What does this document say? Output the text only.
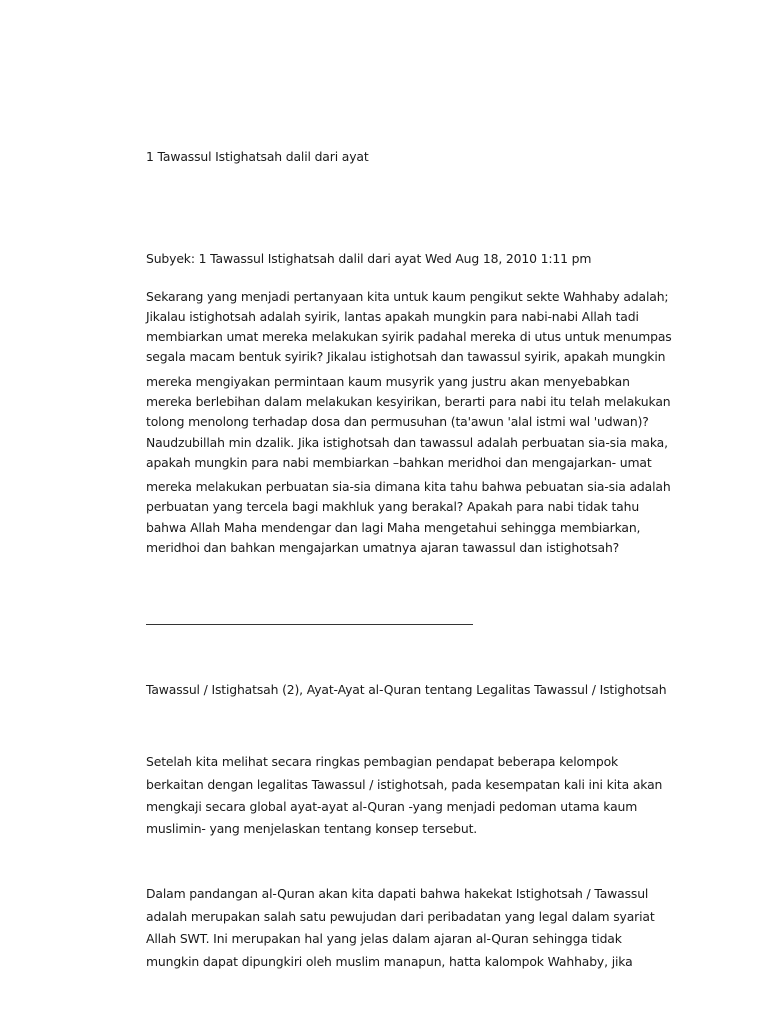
1 Tawassul Istighatsah dalil dari ayat
Subyek: 1 Tawassul Istighatsah dalil dari ayat Wed Aug 18, 2010 1:11 pm
Sekarang yang menjadi pertanyaan kita untuk kaum pengikut sekte Wahhaby adalah;
Jikalau istighotsah adalah syirik, lantas apakah mungkin para nabi-nabi Allah tadi
membiarkan umat mereka melakukan syirik padahal mereka di utus untuk menumpas
segala macam bentuk syirik? Jikalau istighotsah dan tawassul syirik, apakah mungkin
mereka mengiyakan permintaan kaum musyrik yang justru akan menyebabkan
mereka berlebihan dalam melakukan kesyirikan, berarti para nabi itu telah melakukan
tolong menolong terhadap dosa dan permusuhan (ta'awun 'alal istmi wal 'udwan)?
Naudzubillah min dzalik. Jika istighotsah dan tawassul adalah perbuatan sia-sia maka,
apakah mungkin para nabi membiarkan –bahkan meridhoi dan mengajarkan- umat
mereka melakukan perbuatan sia-sia dimana kita tahu bahwa pebuatan sia-sia adalah
perbuatan yang tercela bagi makhluk yang berakal? Apakah para nabi tidak tahu
bahwa Allah Maha mendengar dan lagi Maha mengetahui sehingga membiarkan,
meridhoi dan bahkan mengajarkan umatnya ajaran tawassul dan istighotsah?
Tawassul / Istighatsah (2), Ayat-Ayat al-Quran tentang Legalitas Tawassul / Istighotsah
Setelah kita melihat secara ringkas pembagian pendapat beberapa kelompok
berkaitan dengan legalitas Tawassul / istighotsah, pada kesempatan kali ini kita akan
mengkaji secara global ayat-ayat al-Quran -yang menjadi pedoman utama kaum
muslimin- yang menjelaskan tentang konsep tersebut.
Dalam pandangan al-Quran akan kita dapati bahwa hakekat Istighotsah / Tawassul
adalah merupakan salah satu pewujudan dari peribadatan yang legal dalam syariat
Allah SWT. Ini merupakan hal yang jelas dalam ajaran al-Quran sehingga tidak
mungkin dapat dipungkiri oleh muslim manapun, hatta kalompok Wahhaby, jika
